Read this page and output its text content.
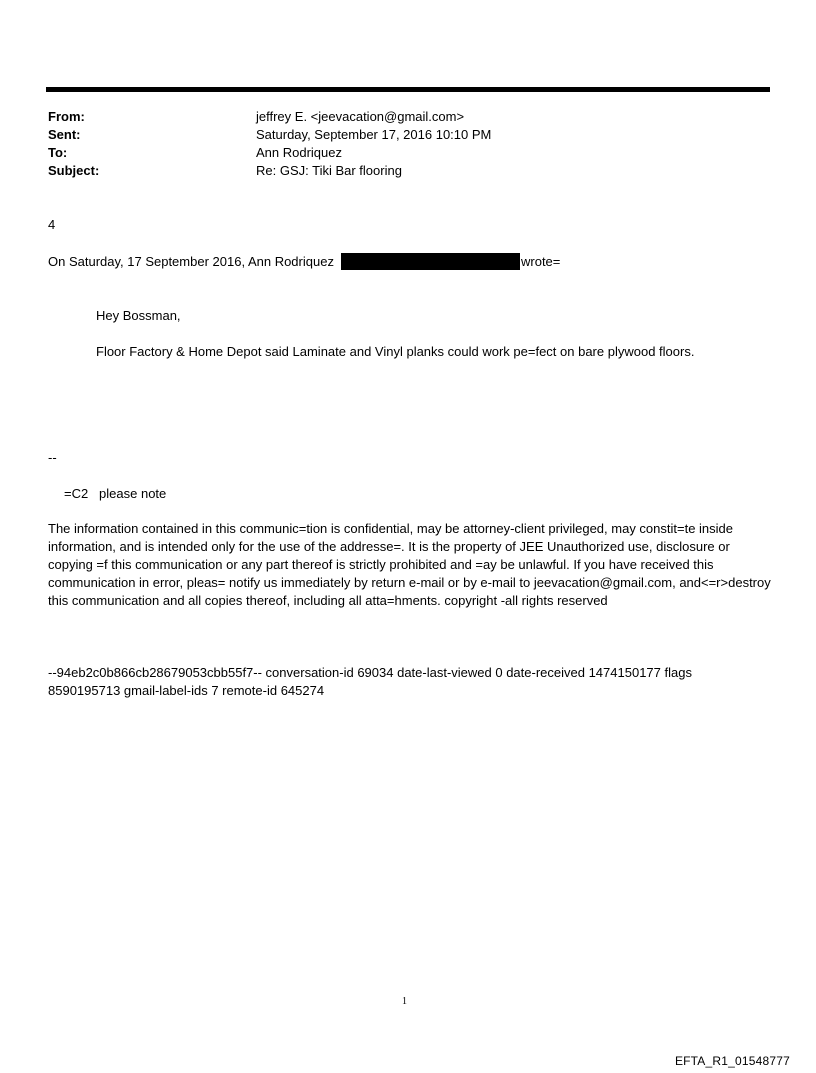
From:	jeffrey E. <jeevacation@gmail.com>
Sent:	Saturday, September 17, 2016 10:10 PM
To:	Ann Rodriquez
Subject:	Re: GSJ: Tiki Bar flooring
4
On Saturday, 17 September 2016, Ann Rodriquez	wrote=
Hey Bossman,
Floor Factory & Home Depot said Laminate and Vinyl planks could work pe=fect on bare plywood floors.
--
=C2   please note
The information contained in this communic=tion is confidential, may be attorney-client privileged, may constit=te inside information, and is intended only for the use of the addresse=. It is the property of JEE Unauthorized use, disclosure or copying =f this communication or any part thereof is strictly prohibited and =ay be unlawful. If you have received this communication in error, pleas= notify us immediately by return e-mail or by e-mail to jeevacation@gmail.com, and<=r>destroy this communication and all copies thereof, including all atta=hments. copyright -all rights reserved
--94eb2c0b866cb28679053cbb55f7-- conversation-id 69034 date-last-viewed 0 date-received 1474150177 flags 8590195713 gmail-label-ids 7 remote-id 645274
1
EFTA_R1_01548777
